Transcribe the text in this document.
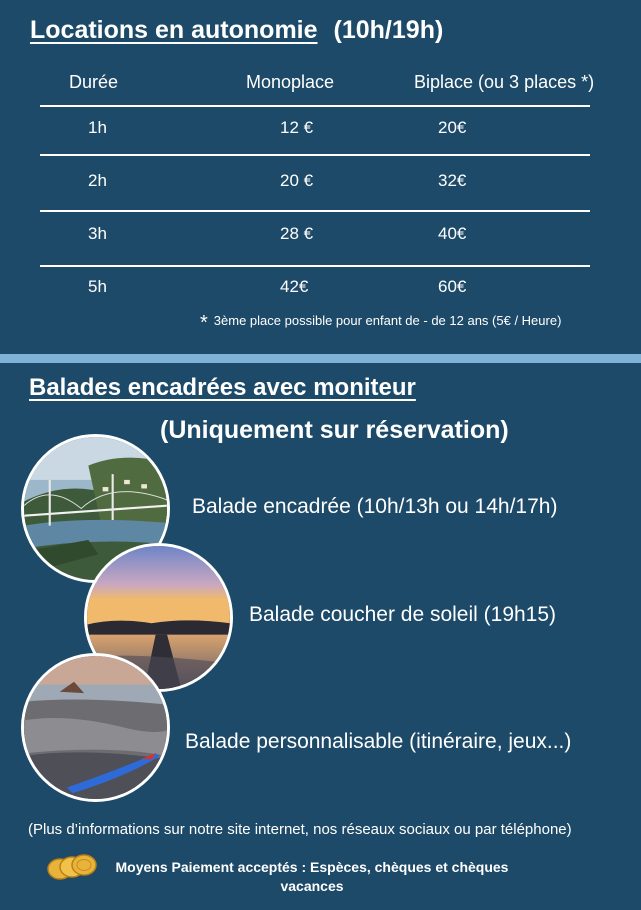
Locations en autonomie (10h/19h)
Durée	Monoplace	Biplace (ou 3 places *)
1h	12 €	20€
2h	20 €	32€
3h	28 €	40€
5h	42€	60€
* 3ème place possible pour enfant de - de 12 ans (5€ / Heure)
Balades encadrées avec moniteur
(Uniquement sur réservation)
Balade encadrée (10h/13h ou 14h/17h)
Balade coucher de soleil (19h15)
Balade personnalisable (itinéraire, jeux...)
(Plus d’informations sur notre site internet, nos réseaux sociaux ou par téléphone)
Moyens Paiement acceptés : Espèces, chèques et chèques vacances
